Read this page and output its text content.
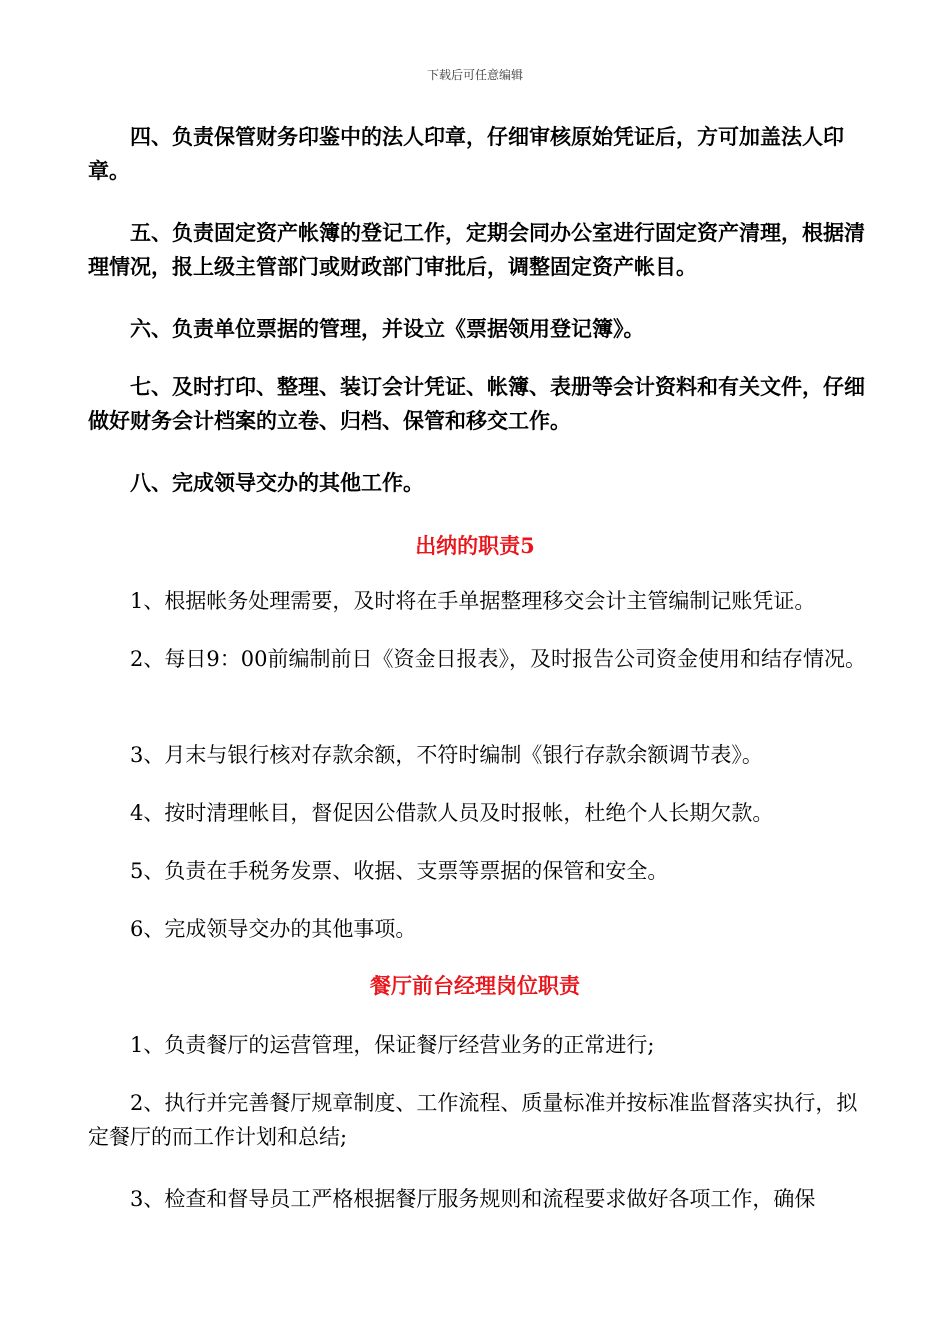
下载后可任意编辑

四、负责保管财务印鉴中的法人印章，仔细审核原始凭证后，方可加盖法人印章。

五、负责固定资产帐簿的登记工作，定期会同办公室进行固定资产清理，根据清理情况，报上级主管部门或财政部门审批后，调整固定资产帐目。

六、负责单位票据的管理，并设立《票据领用登记簿》。

七、及时打印、整理、装订会计凭证、帐簿、表册等会计资料和有关文件，仔细做好财务会计档案的立卷、归档、保管和移交工作。

八、完成领导交办的其他工作。

出纳的职责5

1、根据帐务处理需要，及时将在手单据整理移交会计主管编制记账凭证。

2、每日9：00前编制前日《资金日报表》，及时报告公司资金使用和结存情况。

3、月末与银行核对存款余额，不符时编制《银行存款余额调节表》。

4、按时清理帐目，督促因公借款人员及时报帐，杜绝个人长期欠款。

5、负责在手税务发票、收据、支票等票据的保管和安全。

6、完成领导交办的其他事项。

餐厅前台经理岗位职责

1、负责餐厅的运营管理，保证餐厅经营业务的正常进行;

2、执行并完善餐厅规章制度、工作流程、质量标准并按标准监督落实执行，拟定餐厅的而工作计划和总结;

3、检查和督导员工严格根据餐厅服务规则和流程要求做好各项工作，确保
